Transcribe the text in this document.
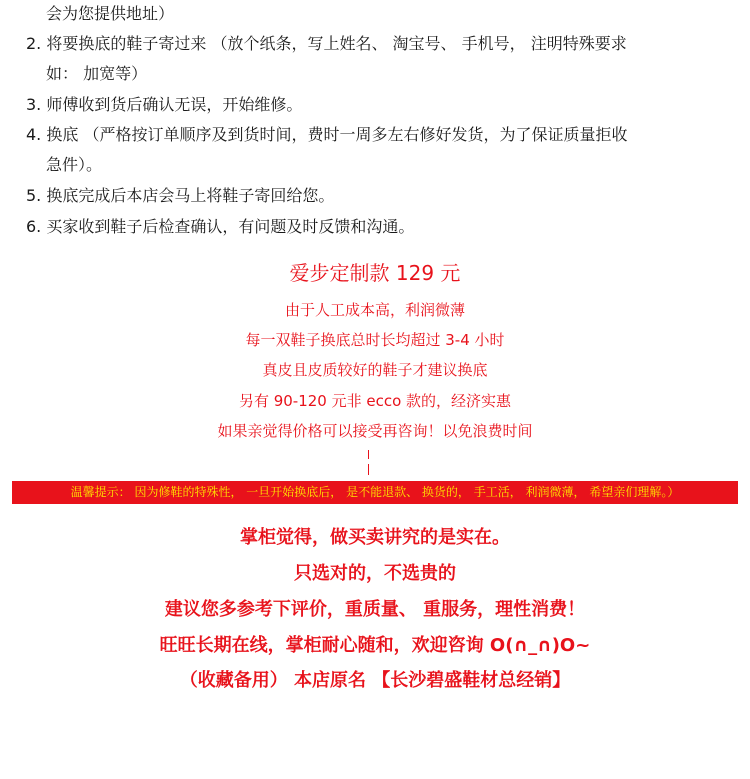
会为您提供地址）
2. 将要换底的鞋子寄过来 （放个纸条，写上姓名、 淘宝号、 手机号， 注明特殊要求
如： 加宽等）
3. 师傅收到货后确认无误，开始维修。
4. 换底 （严格按订单顺序及到货时间，费时一周多左右修好发货，为了保证质量拒收
急件）。
5. 换底完成后本店会马上将鞋子寄回给您。
6. 买家收到鞋子后检查确认，有问题及时反馈和沟通。
爱步定制款 129 元
由于人工成本高，利润微薄
每一双鞋子换底总时长均超过 3-4 小时
真皮且皮质较好的鞋子才建议换底
另有 90-120 元非 ecco 款的，经济实惠
如果亲觉得价格可以接受再咨询！以免浪费时间
温馨提示： 因为修鞋的特殊性， 一旦开始换底后， 是不能退款、 换货的， 手工活， 利润微薄， 希望亲们理解。）
掌柜觉得，做买卖讲究的是实在。
只选对的，不选贵的
建议您多参考下评价，重质量、 重服务，理性消费！
旺旺长期在线，掌柜耐心随和，欢迎咨询 O(∩_∩)O~
（收藏备用） 本店原名 【长沙碧盛鞋材总经销】
